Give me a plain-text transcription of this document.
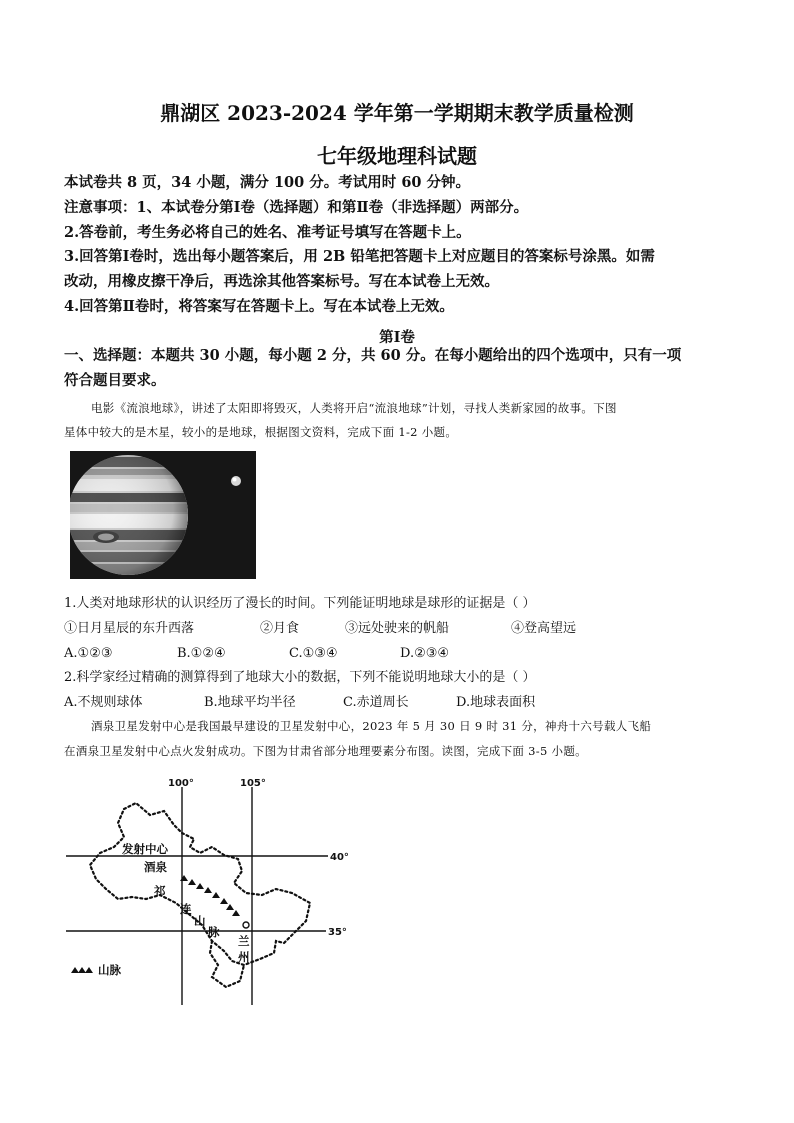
鼎湖区 2023-2024 学年第一学期期末教学质量检测
七年级地理科试题
本试卷共 8 页，34 小题，满分 100 分。考试用时 60 分钟。
注意事项：1、本试卷分第Ⅰ卷（选择题）和第Ⅱ卷（非选择题）两部分。
2.答卷前，考生务必将自己的姓名、准考证号填写在答题卡上。
3.回答第Ⅰ卷时，选出每小题答案后，用 2B 铅笔把答题卡上对应题目的答案标号涂黑。如需
改动，用橡皮擦干净后，再选涂其他答案标号。写在本试卷上无效。
4.回答第Ⅱ卷时，将答案写在答题卡上。写在本试卷上无效。
第Ⅰ卷
一、选择题：本题共 30 小题，每小题 2 分，共 60 分。在每小题给出的四个选项中，只有一项
符合题目要求。
电影《流浪地球》，讲述了太阳即将毁灭，人类将开启“流浪地球”计划，寻找人类新家园的故事。下图
星体中较大的是木星，较小的是地球，根据图文资料，完成下面 1-2 小题。
1.人类对地球形状的认识经历了漫长的时间。下列能证明地球是球形的证据是（ ）
①日月星辰的东升西落	②月食	③远处驶来的帆船	④登高望远
A.①②③	B.①②④	C.①③④	D.②③④
2.科学家经过精确的测算得到了地球大小的数据，下列不能说明地球大小的是（ ）
A.不规则球体	B.地球平均半径	C.赤道周长	D.地球表面积
酒泉卫星发射中心是我国最早建设的卫星发射中心，2023 年 5 月 30 日 9 时 31 分，神舟十六号载人飞船
在酒泉卫星发射中心点火发射成功。下图为甘肃省部分地理要素分布图。读图，完成下面 3-5 小题。
100°	105°
40°
35°
发射中心
酒泉
祁
连
山
脉
兰
州
山脉
